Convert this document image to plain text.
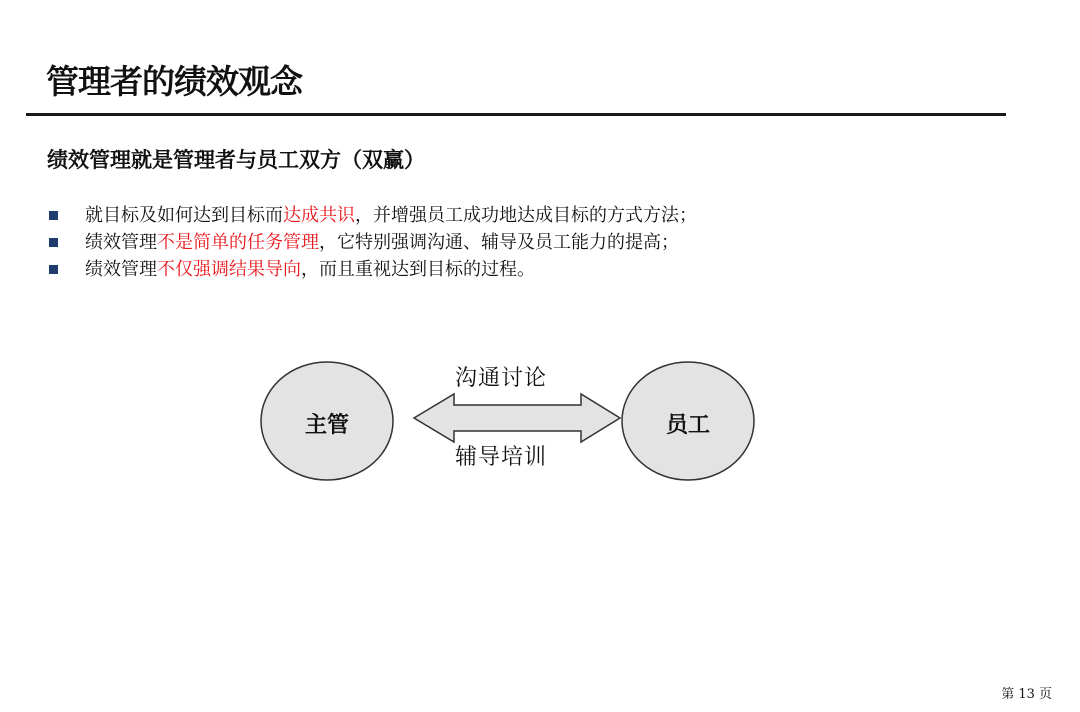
管理者的绩效观念
绩效管理就是管理者与员工双方（双赢）
就目标及如何达到目标而达成共识，并增强员工成功地达成目标的方式方法；
绩效管理不是简单的任务管理，它特别强调沟通、辅导及员工能力的提高；
绩效管理不仅强调结果导向，而且重视达到目标的过程。
主管	员工
沟通讨论
辅导培训
第 13 页
